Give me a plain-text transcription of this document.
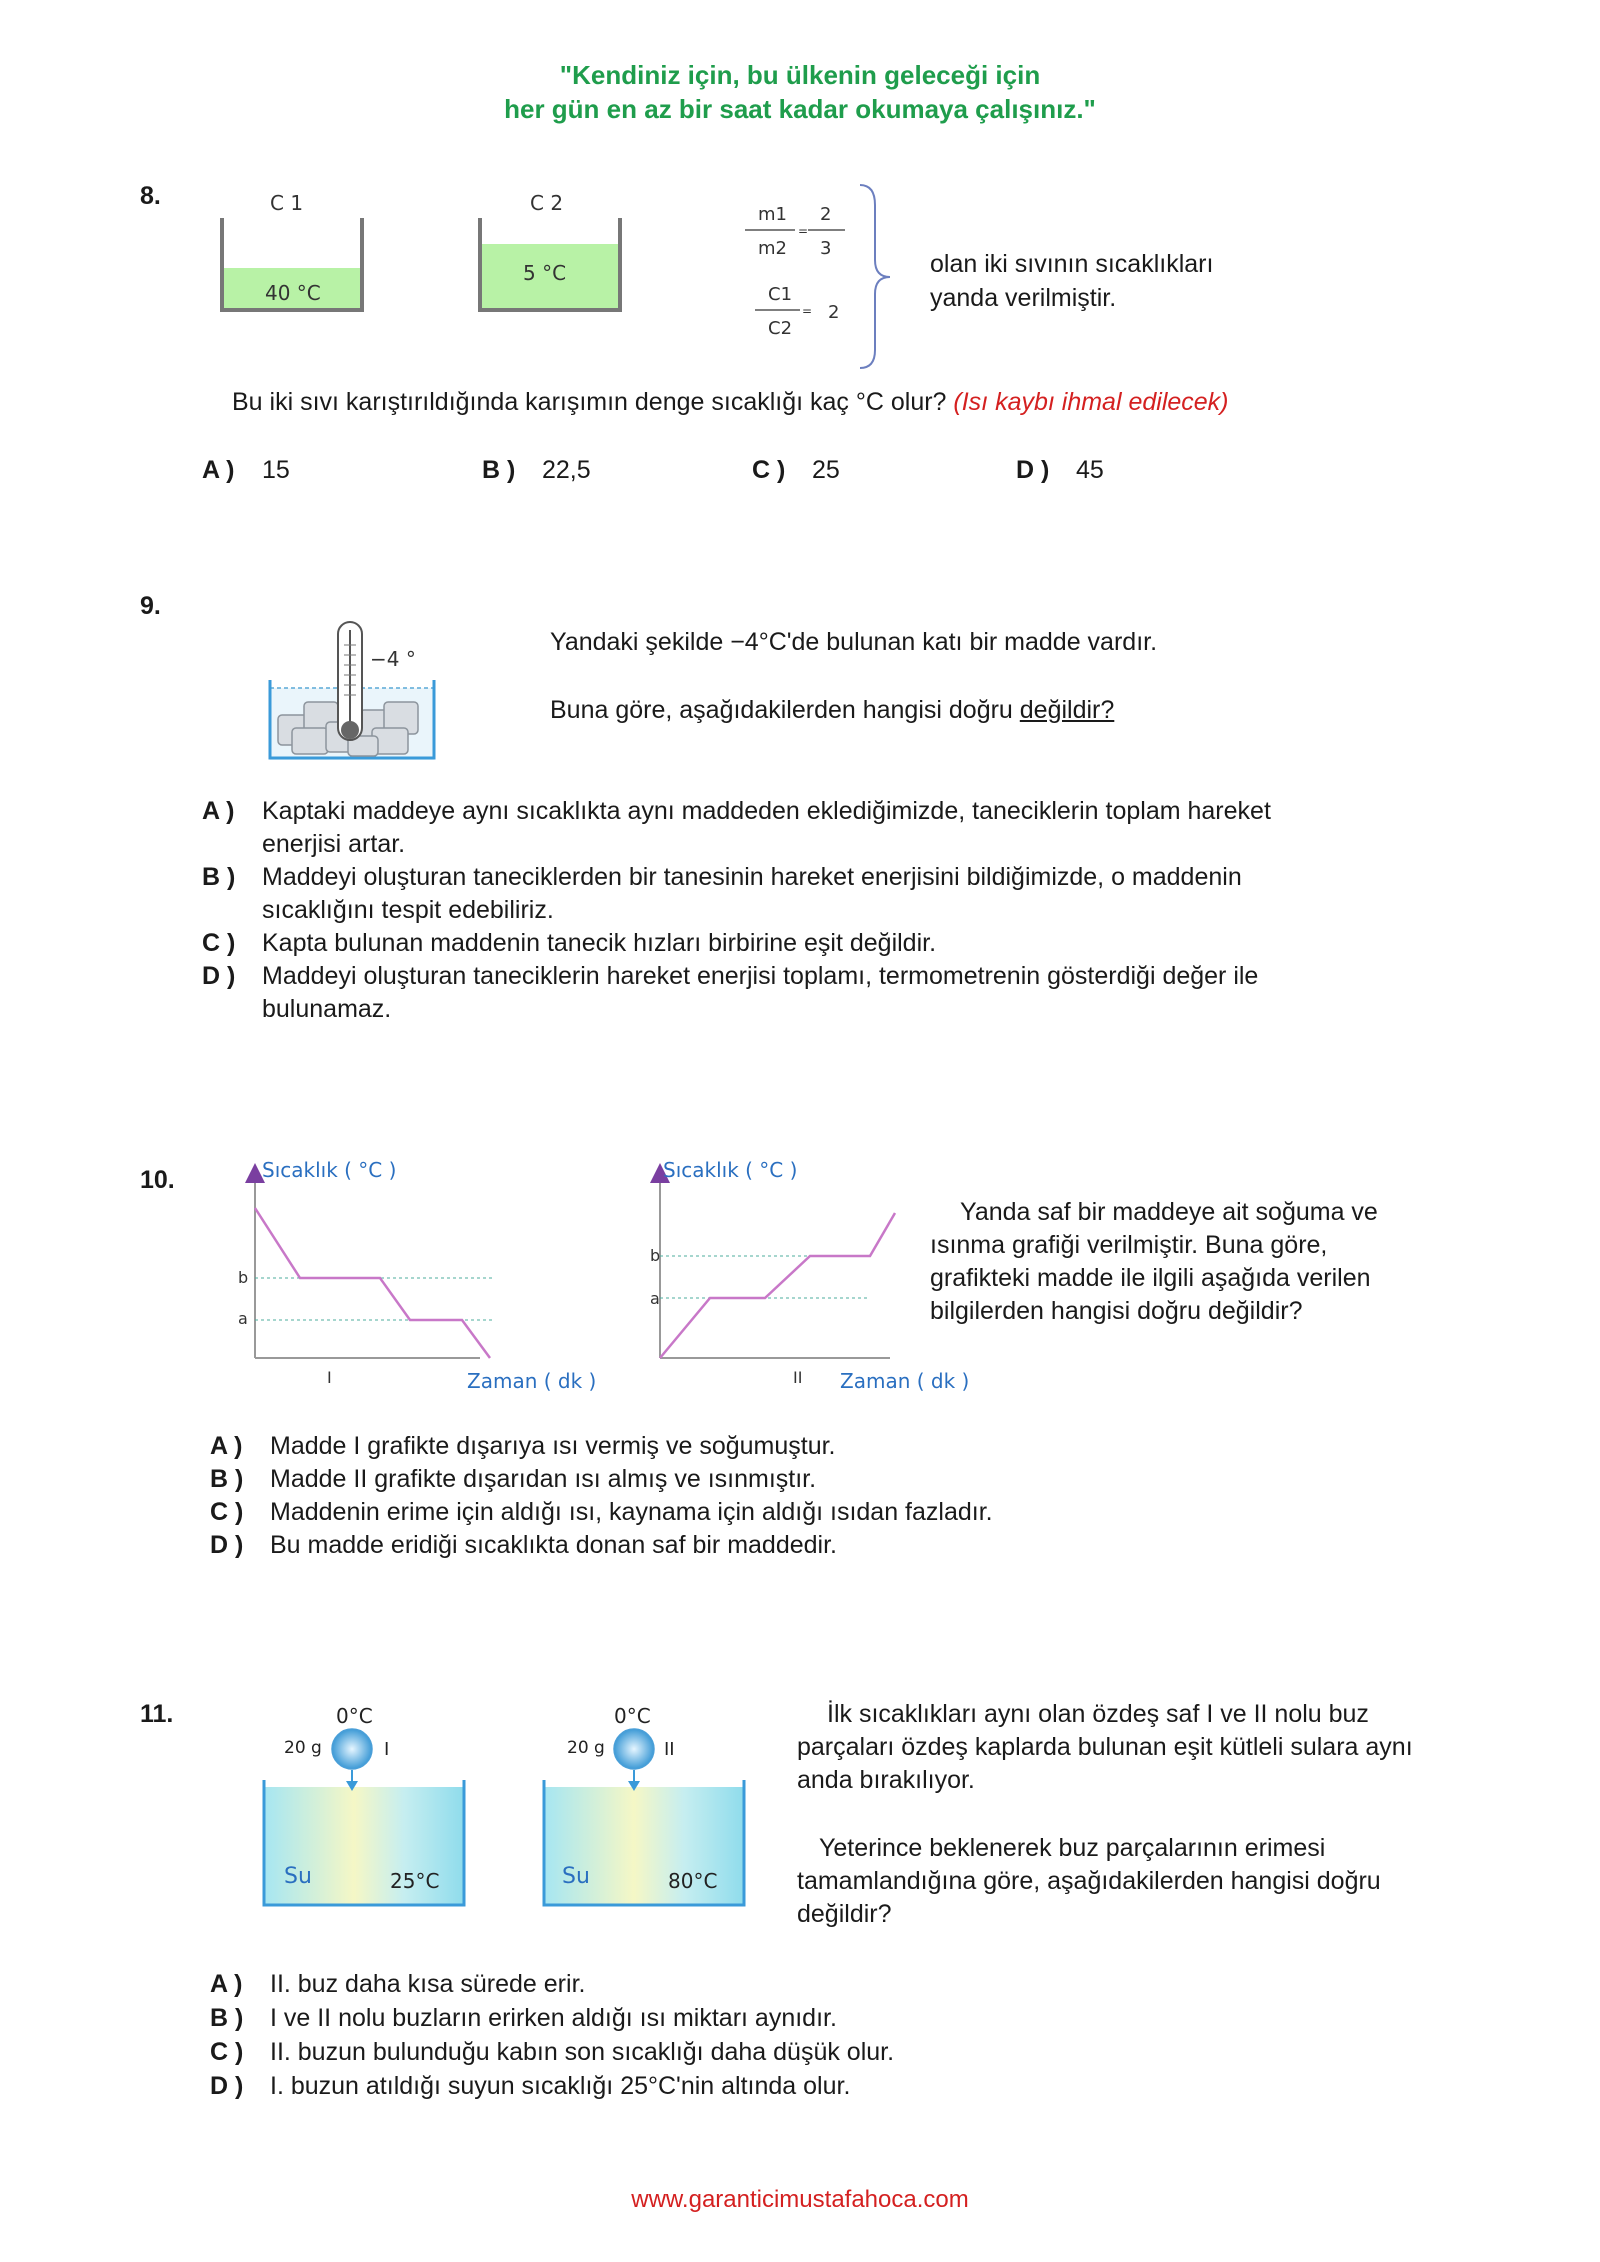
"Kendiniz için, bu ülkenin geleceği için
her gün en az bir saat kadar okumaya çalışınız."
8.	C 1
40 °C
C 2
5 °C
m1
m2
=
2
3
C1
C2
= 2
olan iki sıvının sıcaklıkları
yanda verilmiştir.
Bu iki sıvı karıştırıldığında karışımın denge sıcaklığı kaç °C olur? (Isı kaybı ihmal edilecek)
A ) 15	B ) 22,5	C ) 25	D ) 45
9.
−4 °
Yandaki şekilde −4°C'de bulunan katı bir madde vardır.
Buna göre, aşağıdakilerden hangisi doğru değildir?
A )	Kaptaki maddeye aynı sıcaklıkta aynı maddeden eklediğimizde, taneciklerin toplam hareket enerjisi artar.
B )	Maddeyi oluşturan taneciklerden bir tanesinin hareket enerjisini bildiğimizde, o maddenin sıcaklığını tespit edebiliriz.
C )	Kapta bulunan maddenin tanecik hızları birbirine eşit değildir.
D )	Maddeyi oluşturan taneciklerin hareket enerjisi toplamı, termometrenin gösterdiği değer ile bulunamaz.
10.	Sıcaklık ( °C )
Zaman ( dk )
I
b
a
Sıcaklık ( °C )
Zaman ( dk )
II
b
a
Yanda saf bir maddeye ait soğuma ve ısınma grafiği verilmiştir. Buna göre, grafikteki madde ile ilgili aşağıda verilen bilgilerden hangisi doğru değildir?
A )	Madde I grafikte dışarıya ısı vermiş ve soğumuştur.
B )	Madde II grafikte dışarıdan ısı almış ve ısınmıştır.
C )	Maddenin erime için aldığı ısı, kaynama için aldığı ısıdan fazladır.
D )	Bu madde eridiği sıcaklıkta donan saf bir maddedir.
11.	0°C
20 g	I
Su	25°C
0°C
20 g	II
Su	80°C
İlk sıcaklıkları aynı olan özdeş saf I ve II nolu buz parçaları özdeş kaplarda bulunan eşit kütleli sulara aynı anda bırakılıyor.
Yeterince beklenerek buz parçalarının erimesi tamamlandığına göre, aşağıdakilerden hangisi doğru değildir?
A )	II. buz daha kısa sürede erir.
B )	I ve II nolu buzların erirken aldığı ısı miktarı aynıdır.
C )	II. buzun bulunduğu kabın son sıcaklığı daha düşük olur.
D )	I. buzun atıldığı suyun sıcaklığı 25°C'nin altında olur.
www.garanticimustafahoca.com
